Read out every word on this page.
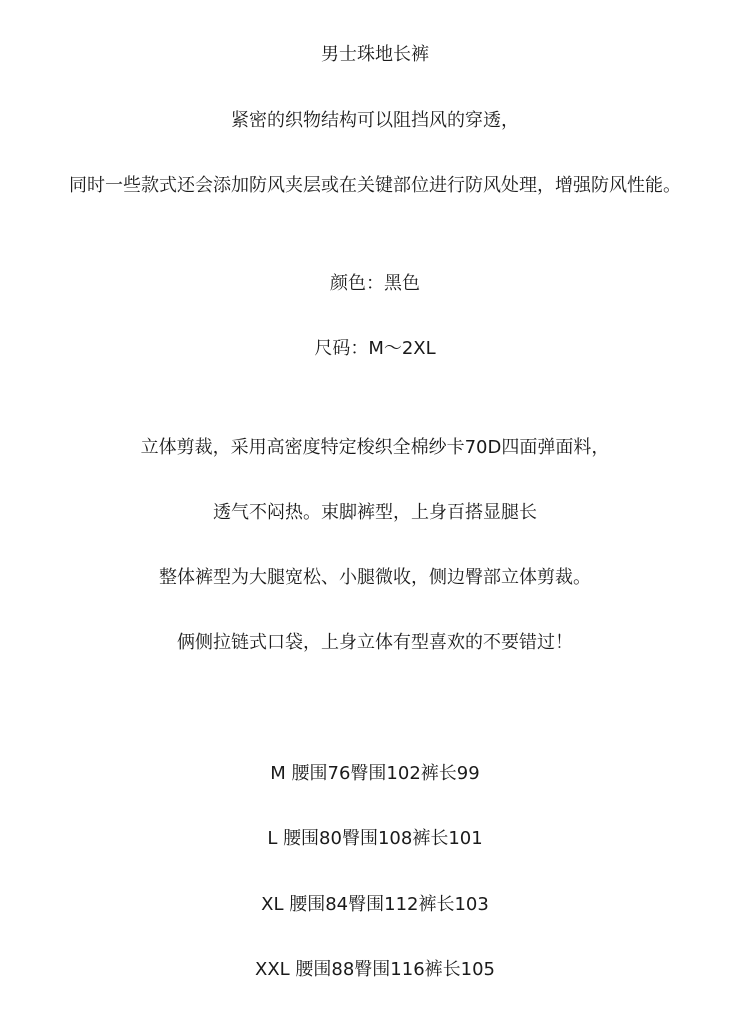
男士珠地长裤
紧密的织物结构可以阻挡风的穿透，
同时一些款式还会添加防风夹层或在关键部位进行防风处理，增强防风性能。
颜色：黑色
尺码：M～2XL
立体剪裁，采用高密度特定梭织全棉纱卡70D四面弹面料，
透气不闷热。束脚裤型，上身百搭显腿长
整体裤型为大腿宽松、小腿微收，侧边臀部立体剪裁。
俩侧拉链式口袋，上身立体有型喜欢的不要错过！
M 腰围76臀围102裤长99
L 腰围80臀围108裤长101
XL 腰围84臀围112裤长103
XXL 腰围88臀围116裤长105
